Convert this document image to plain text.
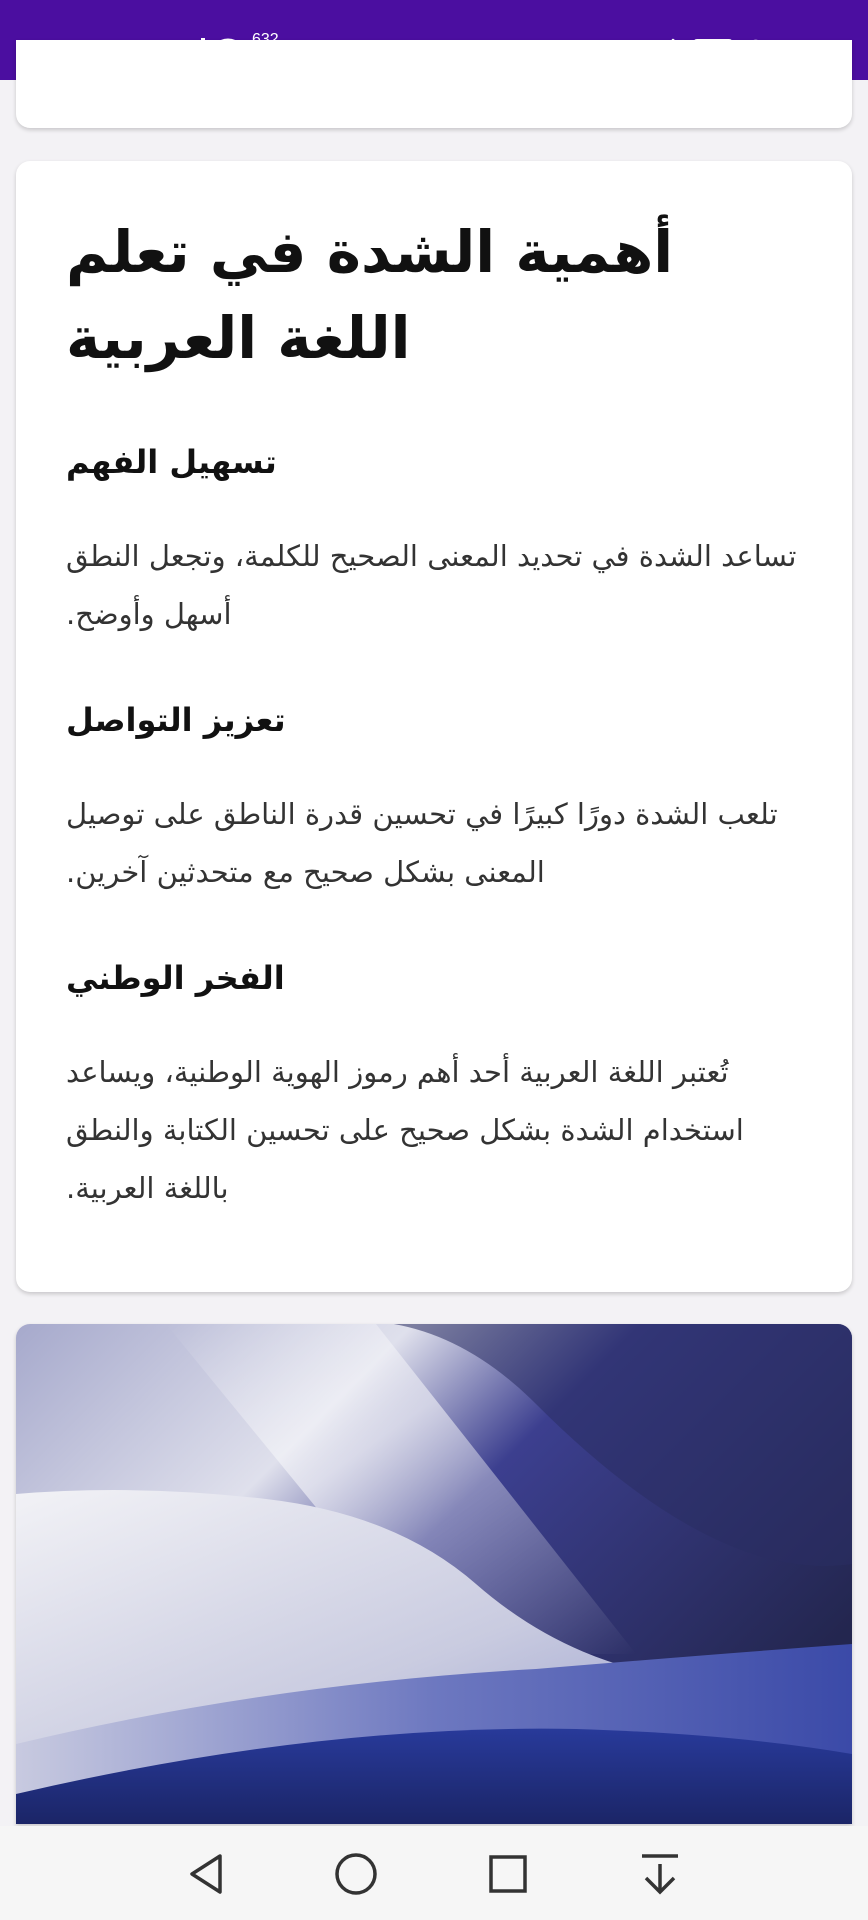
أهمية الشدة في تعلم اللغة العربية
تسهيل الفهم

تساعد الشدة في تحديد المعنى الصحيح للكلمة، وتجعل النطق أسهل وأوضح.

تعزيز التواصل

تلعب الشدة دورًا كبيرًا في تحسين قدرة الناطق على توصيل المعنى بشكل صحيح مع متحدثين آخرين.

الفخر الوطني

تُعتبر اللغة العربية أحد أهم رموز الهوية الوطنية، ويساعد استخدام الشدة بشكل صحيح على تحسين الكتابة والنطق باللغة العربية.
